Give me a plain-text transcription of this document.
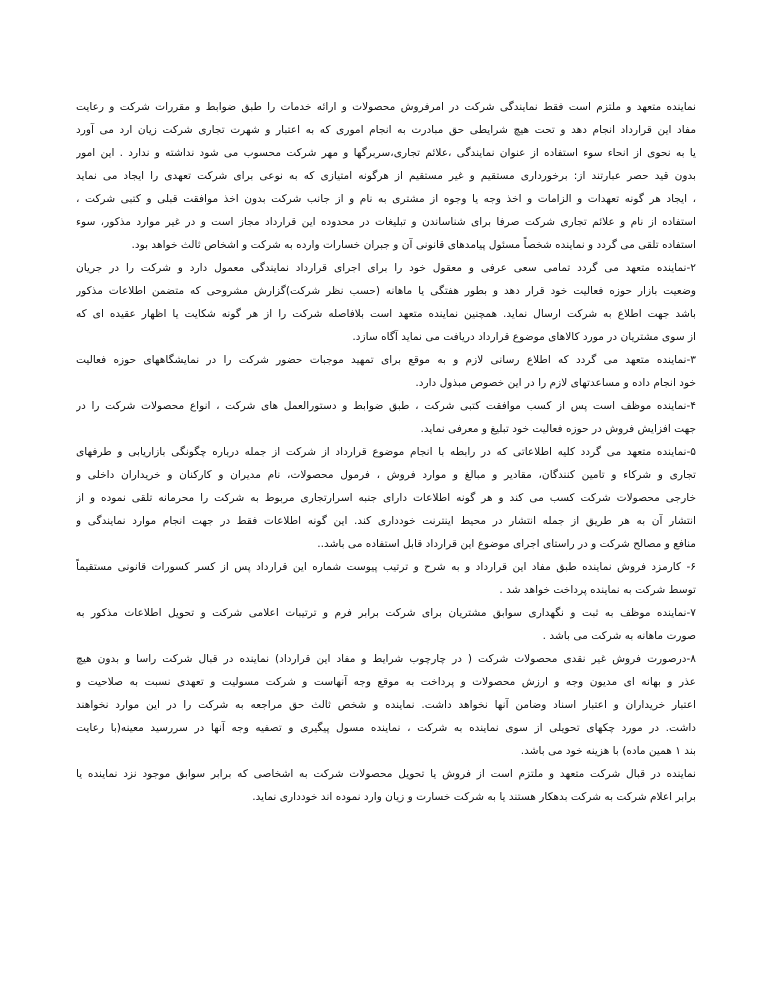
نماینده متعهد و ملتزم است فقط نمایندگی شرکت در امرفروش محصولات و ارائه خدمات را طبق ضوابط و مقررات شرکت و رعایت
مفاد این قرارداد انجام دهد و تحت هیچ شرایطی حق مبادرت به انجام اموری که به اعتبار و شهرت تجاری شرکت زیان ارد می آورد
یا به نحوی از انحاء سوء استفاده از عنوان نمایندگی ،علائم تجاری،سربرگها و مهر شرکت محسوب می شود نداشته و ندارد . این امور
بدون قید حصر عبارتند از: برخورداری مستقیم و غیر مستقیم از هرگونه امتیازی که به نوعی برای شرکت تعهدی را ایجاد می نماید
، ایجاد هر گونه تعهدات و الزامات و اخذ وجه یا وجوه از مشتری به نام و از جانب شرکت بدون اخذ موافقت قبلی و کتبی شرکت ،
استفاده از نام و علائم تجاری شرکت صرفا برای شناساندن و تبلیغات در محدوده این قرارداد مجاز است و در غیر موارد مذکور، سوء
استفاده تلقی می گردد و نماینده شخصاً مسئول پیامدهای قانونی آن و جبران خسارات وارده به شرکت و اشخاص ثالث خواهد بود.
۲-نماینده متعهد می گردد تمامی سعی عرفی و معقول خود را برای اجرای قرارداد نمایندگی معمول دارد و شرکت را در جریان
وضعیت بازار حوزه فعالیت خود قرار دهد و بطور هفتگی یا ماهانه (حسب نظر شرکت)گزارش مشروحی که متضمن اطلاعات مذکور
باشد جهت اطلاع به شرکت ارسال نماید. همچنین نماینده متعهد است بلافاصله شرکت را از هر گونه شکایت یا اظهار عقیده ای که
از سوی مشتریان در مورد کالاهای موضوع قرارداد دریافت می نماید آگاه سازد.
۳-نماینده متعهد می گردد که اطلاع رسانی لازم و به موقع برای تمهید موجبات حضور شرکت را در نمایشگاههای حوزه فعالیت
خود انجام داده و مساعدتهای لازم را در این خصوص مبذول دارد.
۴-نماینده موظف است پس از کسب موافقت کتبی شرکت ، طبق ضوابط و دستورالعمل های شرکت ، انواع محصولات شرکت را در
جهت افزایش فروش در حوزه فعالیت خود تبلیغ و معرفی نماید.
۵-نماینده متعهد می گردد کلیه اطلاعاتی که در رابطه با انجام موضوع قرارداد از شرکت از جمله درباره چگونگی بازاریابی و طرفهای
تجاری و شرکاء و تامین کنندگان، مقادیر و مبالغ و موارد فروش ، فرمول محصولات، نام مدیران و کارکنان و خریداران داخلی و
خارجی محصولات شرکت کسب می کند و هر گونه اطلاعات دارای جنبه اسرارتجاری مربوط به شرکت را محرمانه تلقی نموده و از
انتشار آن به هر طریق از جمله انتشار در محیط اینترنت خودداری کند. این گونه اطلاعات فقط در جهت انجام موارد نمایندگی و
منافع و مصالح شرکت و در راستای اجرای موضوع این قرارداد قابل استفاده می باشد..
۶- کارمزد فروش نماینده طبق مفاد این قرارداد و به شرح و ترتیب پیوست شماره این قرارداد پس از کسر کسورات قانونی مستقیماً
توسط شرکت به نماینده پرداخت خواهد شد .
۷-نماینده موظف به ثبت و نگهداری سوابق مشتریان برای شرکت برابر فرم و ترتیبات اعلامی شرکت و تحویل اطلاعات مذکور به
صورت ماهانه به شرکت می باشد .
۸-درصورت فروش غیر نقدی محصولات شرکت ( در چارچوب شرایط و مفاد این قرارداد) نماینده در قبال شرکت راسا و بدون هیچ
عذر و بهانه ای مدیون وجه و ارزش محصولات و پرداخت به موقع وجه آنهاست و شرکت مسولیت و تعهدی نسبت به صلاحیت و
اعتبار خریداران و اعتبار اسناد وضامن آنها نخواهد داشت. نماینده و شخص ثالث حق مراجعه به شرکت را در این موارد نخواهند
داشت. در مورد چکهای تحویلی از سوی نماینده به شرکت ، نماینده مسول پیگیری و تصفیه وجه آنها در سررسید معینه(با رعایت
بند ۱ همین ماده) با هزینه خود می باشد.
نماینده در قبال شرکت متعهد و ملتزم است از فروش یا تحویل محصولات شرکت به اشخاصی که برابر سوابق موجود نزد نماینده یا
برابر اعلام شرکت به شرکت بدهکار هستند یا به شرکت خسارت و زیان وارد نموده اند خودداری نماید.
